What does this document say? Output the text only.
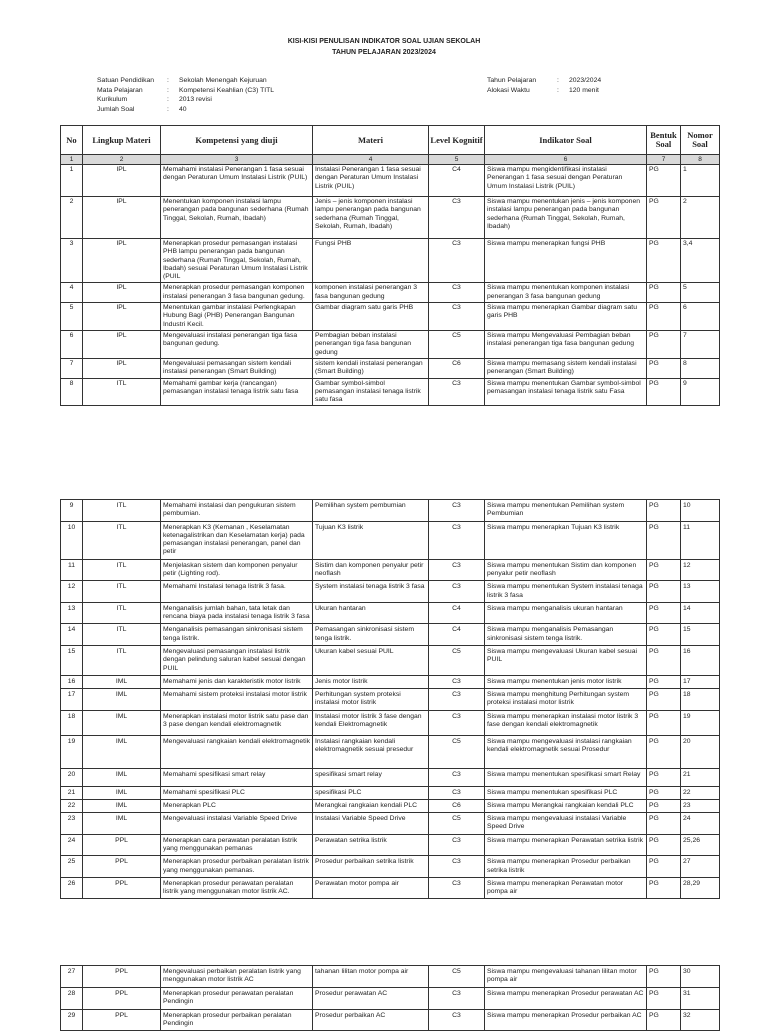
KISI-KISI PENULISAN INDIKATOR SOAL UJIAN SEKOLAH
TAHUN PELAJARAN 2023/2024
Satuan Pendidikan	:	Sekolah Menengah Kejuruan
Mata Pelajaran	:	Kompetensi Keahlian (C3) TITL
Kurikulum	:	2013 revisi
Jumlah Soal	:	40
Tahun Pelajaran	:	2023/2024
Alokasi Waktu	:	120 menit
No	Lingkup Materi	Kompetensi yang diuji	Materi	Level Kognitif	Indikator Soal	Bentuk Soal	Nomor Soal
1	2	3	4	5	6	7	8
1	IPL	Memahami instalasi Penerangan 1 fasa sesuai dengan Peraturan Umum Instalasi Listrik (PUIL)	Instalasi Penerangan 1 fasa sesuai dengan Peraturan Umum Instalasi Listrik (PUIL)	C4	Siswa mampu mengidentifikasi instalasi Penerangan 1 fasa sesuai dengan Peraturan Umum Instalasi Listrik (PUIL)	PG	1
2	IPL	Menentukan komponen instalasi lampu penerangan pada bangunan sederhana (Rumah Tinggal, Sekolah, Rumah, Ibadah)	Jenis – jenis komponen instalasi lampu penerangan pada bangunan sederhana (Rumah Tinggal, Sekolah, Rumah, Ibadah)	C3	Siswa mampu menentukan jenis – jenis komponen instalasi lampu penerangan pada bangunan sederhana (Rumah Tinggal, Sekolah, Rumah, Ibadah)	PG	2
3	IPL	Menerapkan prosedur pemasangan instalasi PHB lampu penerangan pada bangunan sederhana (Rumah Tinggal, Sekolah, Rumah, Ibadah) sesuai Peraturan Umum Instalasi Listrik (PUIL	Fungsi PHB	C3	Siswa mampu menerapkan fungsi PHB	PG	3,4
4	IPL	Menerapkan prosedur pemasangan komponen instalasi penerangan 3 fasa bangunan gedung.	komponen instalasi penerangan 3 fasa bangunan gedung	C3	Siswa mampu menentukan komponen instalasi penerangan 3 fasa bangunan gedung	PG	5
5	IPL	Menentukan gambar instalasi Perlengkapan Hubung Bagi (PHB) Penerangan Bangunan Industri Kecil.	Gambar diagram satu garis PHB	C3	Siswa mampu menerapkan Gambar diagram satu garis PHB	PG	6
6	IPL	Mengevaluasi instalasi penerangan tiga fasa bangunan gedung.	Pembagian beban instalasi penerangan tiga fasa bangunan gedung	C5	Siswa mampu Mengevaluasi Pembagian beban instalasi penerangan tiga fasa bangunan gedung	PG	7
7	IPL	Mengevaluasi pemasangan sistem kendali instalasi penerangan (Smart Building)	sistem kendali instalasi penerangan (Smart Building)	C6	Siswa mampu memasang sistem kendali instalasi penerangan (Smart Building)	PG	8
8	ITL	Memahami gambar kerja (rancangan) pemasangan instalasi tenaga listrik satu fasa	Gambar symbol-simbol pemasangan instalasi tenaga listrik satu fasa	C3	Siswa mampu menentukan Gambar symbol-simbol pemasangan instalasi tenaga listrik satu Fasa	PG	9
9	ITL	Memahami instalasi dan pengukuran sistem pembumian.	Pemilihan system pembumian	C3	Siswa mampu menentukan Pemilihan system Pembumian	PG	10
10	ITL	Menerapkan K3 (Kemanan , Keselamatan ketenagalistrikan dan Keselamatan kerja) pada pemasangan instalasi penerangan, panel dan petir	Tujuan K3 listrik	C3	Siswa mampu menerapkan Tujuan K3 listrik	PG	11
11	ITL	Menjelaskan sistem dan komponen penyalur petir (Lighting rod).	Sistim dan komponen penyalur petir neoflash	C3	Siswa mampu menentukan Sistim dan komponen penyalur petir neoflash	PG	12
12	ITL	Memahami Instalasi tenaga listrik 3 fasa.	System instalasi tenaga listrik 3 fasa	C3	Siswa mampu menentukan System instalasi tenaga listrik 3 fasa	PG	13
13	ITL	Menganalisis jumlah bahan, tata letak dan rencana biaya pada instalasi tenaga listrik 3 fasa	Ukuran hantaran	C4	Siswa mampu menganalisis ukuran hantaran	PG	14
14	ITL	Menganalisis pemasangan sinkronisasi sistem tenga listrik.	Pemasangan sinkronisasi sistem tenga listrik.	C4	Siswa mampu menganalisis Pemasangan sinkronisasi sistem tenga listrik.	PG	15
15	ITL	Mengevaluasi pemasangan instalasi listrik dengan pelindung saluran kabel sesuai dengan PUIL	Ukuran kabel sesuai PUIL	C5	Siswa mampu mengevaluasi Ukuran kabel sesuai PUIL	PG	16
16	IML	Memahami jenis dan karakteristik motor listrik	Jenis motor listrik	C3	Siswa mampu menentukan jenis motor listrik	PG	17
17	IML	Memahami sistem proteksi instalasi motor listrik	Perhitungan system proteksi instalasi motor listrik	C3	Siswa mampu menghitung Perhitungan system proteksi instalasi motor listrik	PG	18
18	IML	Menerapkan instalasi motor listrik satu pase dan 3 pase dengan kendali elektromagnetik	Instalasi motor listrik 3 fase dengan kendali Elektromagnetik	C3	Siswa mampu menerapkan instalasi motor listrik 3 fase dengan kendali elektromagnetik	PG	19
19	IML	Mengevaluasi rangkaian kendali elektromagnetik	Instalasi rangkaian kendali elektromagnetik sesuai presedur	C5	Siswa mampu mengevaluasi instalasi rangkaian kendali elektromagnetik sesuai Prosedur	PG	20
20	IML	Memahami spesifikasi smart relay	spesifikasi smart relay	C3	Siswa mampu menentukan spesifikasi smart Relay	PG	21
21	IML	Memahami spesifikasi PLC	spesifikasi PLC	C3	Siswa mampu menentukan spesifikasi PLC	PG	22
22	IML	Menerapkan PLC	Merangkai rangkaian kendali PLC	C6	Siswa mampu Merangkai rangkaian kendali PLC	PG	23
23	IML	Mengevaluasi instalasi Variable Speed Drive	Instalasi Variable Speed Drive	C5	Siswa mampu mengevaluasi instalasi Variable Speed Drive	PG	24
24	PPL	Menerapkan cara perawatan peralatan listrik yang menggunakan pemanas	Perawatan setrika listrik	C3	Siswa mampu menerapkan Perawatan setrika listrik	PG	25,26
25	PPL	Menerapkan prosedur perbaikan peralatan listrik yang menggunakan pemanas.	Prosedur perbaikan setrika listrik	C3	Siswa mampu menerapkan Prosedur perbaikan setrika listrik	PG	27
26	PPL	Menerapkan prosedur perawatan peralatan listrik yang menggunakan motor listrik AC.	Perawatan motor pompa air	C3	Siswa mampu menerapkan Perawatan motor pompa air	PG	28,29
27	PPL	Mengevaluasi perbaikan peralatan listrik yang menggunakan motor listrik AC	tahanan lilitan motor pompa air	C5	Siswa mampu mengevaluasi tahanan lilitan motor pompa air	PG	30
28	PPL	Menerapkan prosedur perawatan peralatan Pendingin	Prosedur perawatan AC	C3	Siswa mampu menerapkan Prosedur perawatan AC	PG	31
29	PPL	Menerapkan prosedur perbaikan peralatan Pendingin	Prosedur perbaikan AC	C3	Siswa mampu menerapkan Prosedur perbaikan AC	PG	32
